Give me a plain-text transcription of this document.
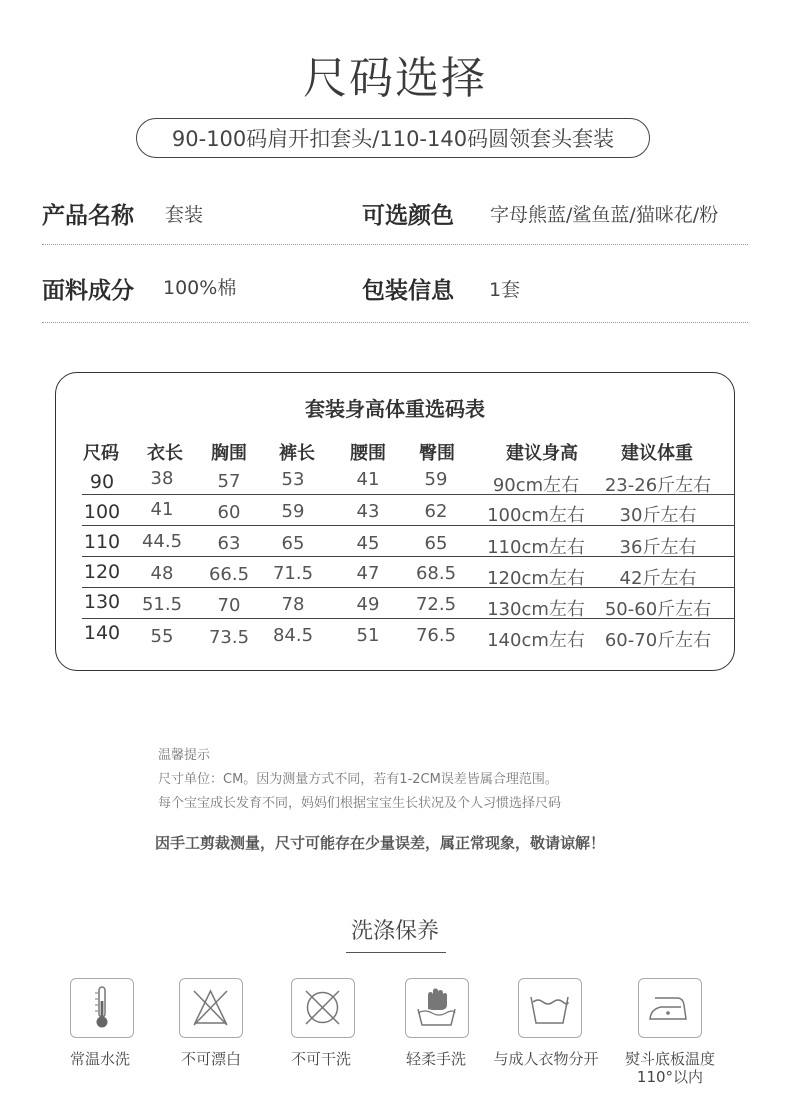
尺码选择
90-100码肩开扣套头/110-140码圆领套头套装
产品名称 套装	可选颜色 字母熊蓝/鲨鱼蓝/猫咪花/粉
面料成分 100%棉	包装信息 1套
套装身高体重选码表
尺码 衣长 胸围 裤长 腰围 臀围	建议身高 建议体重
90 38 57 53	41	59	90cm左右 23-26斤左右
100 41 60 59	43	62 100cm左右 30斤左右
110 44.5 63 65	45	65 110cm左右 36斤左右
120 48 66.5 71.5 47 68.5 120cm左右 42斤左右
130 51.5 70 78	49 72.5 130cm左右 50-60斤左右
140 55 73.5 84.5 51 76.5 140cm左右 60-70斤左右
温馨提示
尺寸单位：CM。因为测量方式不同，若有1-2CM误差皆属合理范围。
每个宝宝成长发育不同，妈妈们根据宝宝生长状况及个人习惯选择尺码
因手工剪裁测量，尺寸可能存在少量误差，属正常现象，敬请谅解！
洗涤保养
常温水洗	不可漂白	不可干洗	轻柔手洗 与成人衣物分开 熨斗底板温度
110°以内
